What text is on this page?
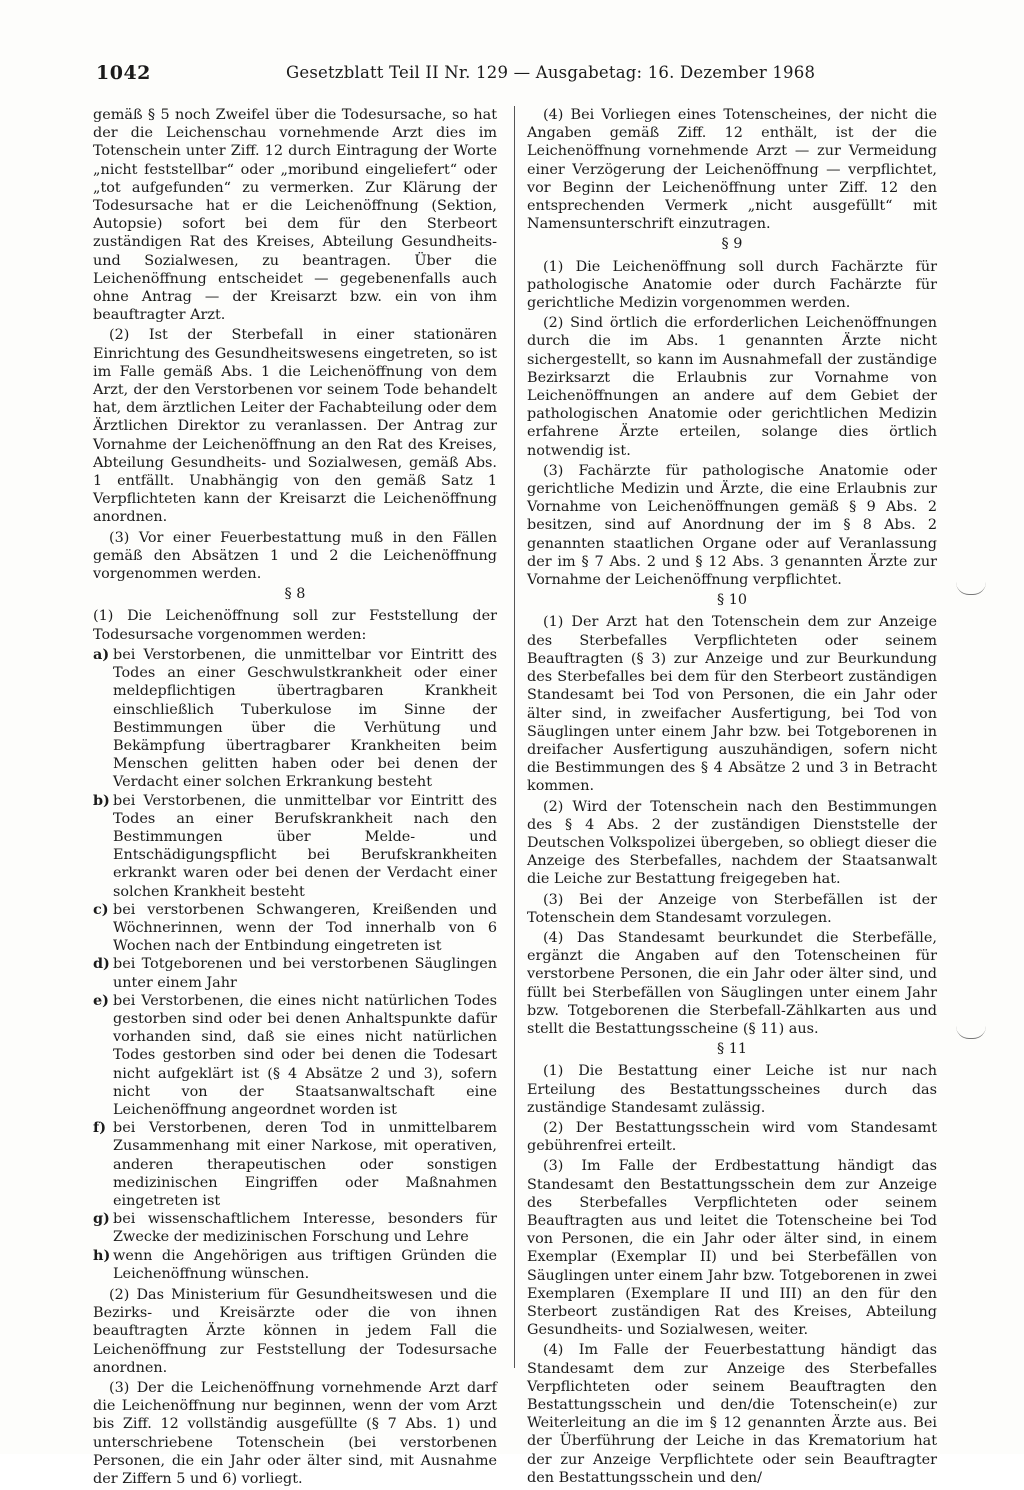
1042	Gesetzblatt Teil II Nr. 129 — Ausgabetag: 16. Dezember 1968

gemäß § 5 noch Zweifel über die Todesursache, so hat der die Leichenschau vornehmende Arzt dies im Totenschein unter Ziff. 12 durch Eintragung der Worte „nicht feststellbar“ oder „moribund eingeliefert“ oder „tot aufgefunden“ zu vermerken. Zur Klärung der Todesursache hat er die Leichenöffnung (Sektion, Autopsie) sofort bei dem für den Sterbeort zuständigen Rat des Kreises, Abteilung Gesundheits- und Sozialwesen, zu beantragen. Über die Leichenöffnung entscheidet — gegebenenfalls auch ohne Antrag — der Kreisarzt bzw. ein von ihm beauftragter Arzt.

(2) Ist der Sterbefall in einer stationären Einrichtung des Gesundheitswesens eingetreten, so ist im Falle gemäß Abs. 1 die Leichenöffnung von dem Arzt, der den Verstorbenen vor seinem Tode behandelt hat, dem ärztlichen Leiter der Fachabteilung oder dem Ärztlichen Direktor zu veranlassen. Der Antrag zur Vornahme der Leichenöffnung an den Rat des Kreises, Abteilung Gesundheits- und Sozialwesen, gemäß Abs. 1 entfällt. Unabhängig von den gemäß Satz 1 Verpflichteten kann der Kreisarzt die Leichenöffnung anordnen.

(3) Vor einer Feuerbestattung muß in den Fällen gemäß den Absätzen 1 und 2 die Leichenöffnung vorgenommen werden.

§ 8

(1) Die Leichenöffnung soll zur Feststellung der Todesursache vorgenommen werden:

a) bei Verstorbenen, die unmittelbar vor Eintritt des Todes an einer Geschwulstkrankheit oder einer meldepflichtigen übertragbaren Krankheit einschließlich Tuberkulose im Sinne der Bestimmungen über die Verhütung und Bekämpfung übertragbarer Krankheiten beim Menschen gelitten haben oder bei denen der Verdacht einer solchen Erkrankung besteht
b) bei Verstorbenen, die unmittelbar vor Eintritt des Todes an einer Berufskrankheit nach den Bestimmungen über Melde- und Entschädigungspflicht bei Berufskrankheiten erkrankt waren oder bei denen der Verdacht einer solchen Krankheit besteht
c) bei verstorbenen Schwangeren, Kreißenden und Wöchnerinnen, wenn der Tod innerhalb von 6 Wochen nach der Entbindung eingetreten ist
d) bei Totgeborenen und bei verstorbenen Säuglingen unter einem Jahr
e) bei Verstorbenen, die eines nicht natürlichen Todes gestorben sind oder bei denen Anhaltspunkte dafür vorhanden sind, daß sie eines nicht natürlichen Todes gestorben sind oder bei denen die Todesart nicht aufgeklärt ist (§ 4 Absätze 2 und 3), sofern nicht von der Staatsanwaltschaft eine Leichenöffnung angeordnet worden ist
f) bei Verstorbenen, deren Tod in unmittelbarem Zusammenhang mit einer Narkose, mit operativen, anderen therapeutischen oder sonstigen medizinischen Eingriffen oder Maßnahmen eingetreten ist
g) bei wissenschaftlichem Interesse, besonders für Zwecke der medizinischen Forschung und Lehre
h) wenn die Angehörigen aus triftigen Gründen die Leichenöffnung wünschen.

(2) Das Ministerium für Gesundheitswesen und die Bezirks- und Kreisärzte oder die von ihnen beauftragten Ärzte können in jedem Fall die Leichenöffnung zur Feststellung der Todesursache anordnen.

(3) Der die Leichenöffnung vornehmende Arzt darf die Leichenöffnung nur beginnen, wenn der vom Arzt bis Ziff. 12 vollständig ausgefüllte (§ 7 Abs. 1) und unterschriebene Totenschein (bei verstorbenen Personen, die ein Jahr oder älter sind, mit Ausnahme der Ziffern 5 und 6) vorliegt.

(4) Bei Vorliegen eines Totenscheines, der nicht die Angaben gemäß Ziff. 12 enthält, ist der die Leichenöffnung vornehmende Arzt — zur Vermeidung einer Verzögerung der Leichenöffnung — verpflichtet, vor Beginn der Leichenöffnung unter Ziff. 12 den entsprechenden Vermerk „nicht ausgefüllt“ mit Namensunterschrift einzutragen.

§ 9

(1) Die Leichenöffnung soll durch Fachärzte für pathologische Anatomie oder durch Fachärzte für gerichtliche Medizin vorgenommen werden.

(2) Sind örtlich die erforderlichen Leichenöffnungen durch die im Abs. 1 genannten Ärzte nicht sichergestellt, so kann im Ausnahmefall der zuständige Bezirksarzt die Erlaubnis zur Vornahme von Leichenöffnungen an andere auf dem Gebiet der pathologischen Anatomie oder gerichtlichen Medizin erfahrene Ärzte erteilen, solange dies örtlich notwendig ist.

(3) Fachärzte für pathologische Anatomie oder gerichtliche Medizin und Ärzte, die eine Erlaubnis zur Vornahme von Leichenöffnungen gemäß § 9 Abs. 2 besitzen, sind auf Anordnung der im § 8 Abs. 2 genannten staatlichen Organe oder auf Veranlassung der im § 7 Abs. 2 und § 12 Abs. 3 genannten Ärzte zur Vornahme der Leichenöffnung verpflichtet.

§ 10

(1) Der Arzt hat den Totenschein dem zur Anzeige des Sterbefalles Verpflichteten oder seinem Beauftragten (§ 3) zur Anzeige und zur Beurkundung des Sterbefalles bei dem für den Sterbeort zuständigen Standesamt bei Tod von Personen, die ein Jahr oder älter sind, in zweifacher Ausfertigung, bei Tod von Säuglingen unter einem Jahr bzw. bei Totgeborenen in dreifacher Ausfertigung auszuhändigen, sofern nicht die Bestimmungen des § 4 Absätze 2 und 3 in Betracht kommen.

(2) Wird der Totenschein nach den Bestimmungen des § 4 Abs. 2 der zuständigen Dienststelle der Deutschen Volkspolizei übergeben, so obliegt dieser die Anzeige des Sterbefalles, nachdem der Staatsanwalt die Leiche zur Bestattung freigegeben hat.

(3) Bei der Anzeige von Sterbefällen ist der Totenschein dem Standesamt vorzulegen.

(4) Das Standesamt beurkundet die Sterbefälle, ergänzt die Angaben auf den Totenscheinen für verstorbene Personen, die ein Jahr oder älter sind, und füllt bei Sterbefällen von Säuglingen unter einem Jahr bzw. Totgeborenen die Sterbefall-Zählkarten aus und stellt die Bestattungsscheine (§ 11) aus.

§ 11

(1) Die Bestattung einer Leiche ist nur nach Erteilung des Bestattungsscheines durch das zuständige Standesamt zulässig.

(2) Der Bestattungsschein wird vom Standesamt gebührenfrei erteilt.

(3) Im Falle der Erdbestattung händigt das Standesamt den Bestattungsschein dem zur Anzeige des Sterbefalles Verpflichteten oder seinem Beauftragten aus und leitet die Totenscheine bei Tod von Personen, die ein Jahr oder älter sind, in einem Exemplar (Exemplar II) und bei Sterbefällen von Säuglingen unter einem Jahr bzw. Totgeborenen in zwei Exemplaren (Exemplare II und III) an den für den Sterbeort zuständigen Rat des Kreises, Abteilung Gesundheits- und Sozialwesen, weiter.

(4) Im Falle der Feuerbestattung händigt das Standesamt dem zur Anzeige des Sterbefalles Verpflichteten oder seinem Beauftragten den Bestattungsschein und den/die Totenschein(e) zur Weiterleitung an die im § 12 genannten Ärzte aus. Bei der Überführung der Leiche in das Krematorium hat der zur Anzeige Verpflichtete oder sein Beauftragter den Bestattungsschein und den/
